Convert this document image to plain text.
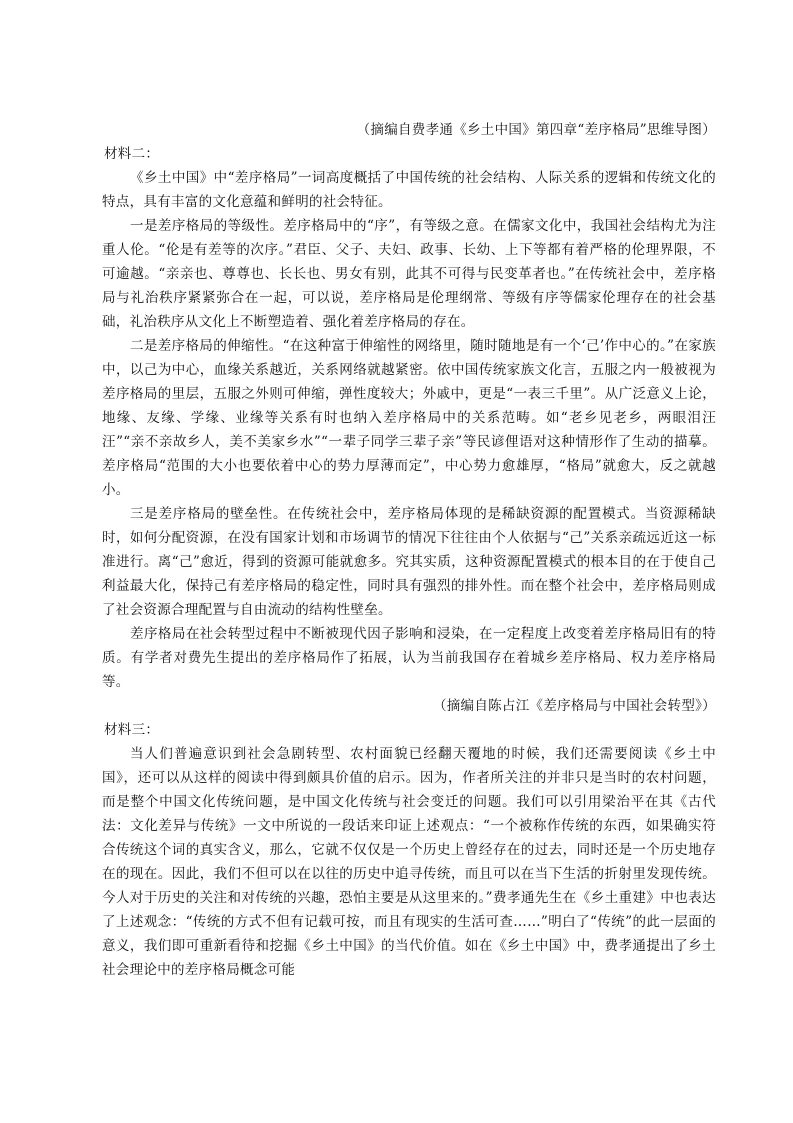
（摘编自费孝通《乡土中国》第四章“差序格局”思维导图）

材料二：

《乡土中国》中“差序格局”一词高度概括了中国传统的社会结构、人际关系的逻辑和传统文化的特点，具有丰富的文化意蕴和鲜明的社会特征。

一是差序格局的等级性。差序格局中的“序”，有等级之意。在儒家文化中，我国社会结构尤为注重人伦。“伦是有差等的次序。”君臣、父子、夫妇、政事、长幼、上下等都有着严格的伦理界限，不可逾越。“亲亲也、尊尊也、长长也、男女有别，此其不可得与民变革者也。”在传统社会中，差序格局与礼治秩序紧紧弥合在一起，可以说，差序格局是伦理纲常、等级有序等儒家伦理存在的社会基础，礼治秩序从文化上不断塑造着、强化着差序格局的存在。

二是差序格局的伸缩性。“在这种富于伸缩性的网络里，随时随地是有一个‘己’作中心的。”在家族中，以己为中心，血缘关系越近，关系网络就越紧密。依中国传统家族文化言，五服之内一般被视为差序格局的里层，五服之外则可伸缩，弹性度较大；外戚中，更是“一表三千里”。从广泛意义上论，地缘、友缘、学缘、业缘等关系有时也纳入差序格局中的关系范畴。如“老乡见老乡，两眼泪汪汪”“亲不亲故乡人，美不美家乡水”“一辈子同学三辈子亲”等民谚俚语对这种情形作了生动的描摹。差序格局“范围的大小也要依着中心的势力厚薄而定”，中心势力愈雄厚，“格局”就愈大，反之就越小。

三是差序格局的壁垒性。在传统社会中，差序格局体现的是稀缺资源的配置模式。当资源稀缺时，如何分配资源，在没有国家计划和市场调节的情况下往往由个人依据与“己”关系亲疏远近这一标准进行。离“己”愈近，得到的资源可能就愈多。究其实质，这种资源配置模式的根本目的在于使自己利益最大化，保持己有差序格局的稳定性，同时具有强烈的排外性。而在整个社会中，差序格局则成了社会资源合理配置与自由流动的结构性壁垒。

差序格局在社会转型过程中不断被现代因子影响和浸染，在一定程度上改变着差序格局旧有的特质。有学者对费先生提出的差序格局作了拓展，认为当前我国存在着城乡差序格局、权力差序格局等。

（摘编自陈占江《差序格局与中国社会转型》）

材料三：

当人们普遍意识到社会急剧转型、农村面貌已经翻天覆地的时候，我们还需要阅读《乡土中国》，还可以从这样的阅读中得到颇具价值的启示。因为，作者所关注的并非只是当时的农村问题，而是整个中国文化传统问题，是中国文化传统与社会变迁的问题。我们可以引用梁治平在其《古代法：文化差异与传统》一文中所说的一段话来印证上述观点：“一个被称作传统的东西，如果确实符合传统这个词的真实含义，那么，它就不仅仅是一个历史上曾经存在的过去，同时还是一个历史地存在的现在。因此，我们不但可以在以往的历史中追寻传统，而且可以在当下生活的折射里发现传统。今人对于历史的关注和对传统的兴趣，恐怕主要是从这里来的。”费孝通先生在《乡土重建》中也表达了上述观念：“传统的方式不但有记载可按，而且有现实的生活可查……”明白了“传统”的此一层面的意义，我们即可重新看待和挖掘《乡土中国》的当代价值。如在《乡土中国》中，费孝通提出了乡土社会理论中的差序格局概念可能
